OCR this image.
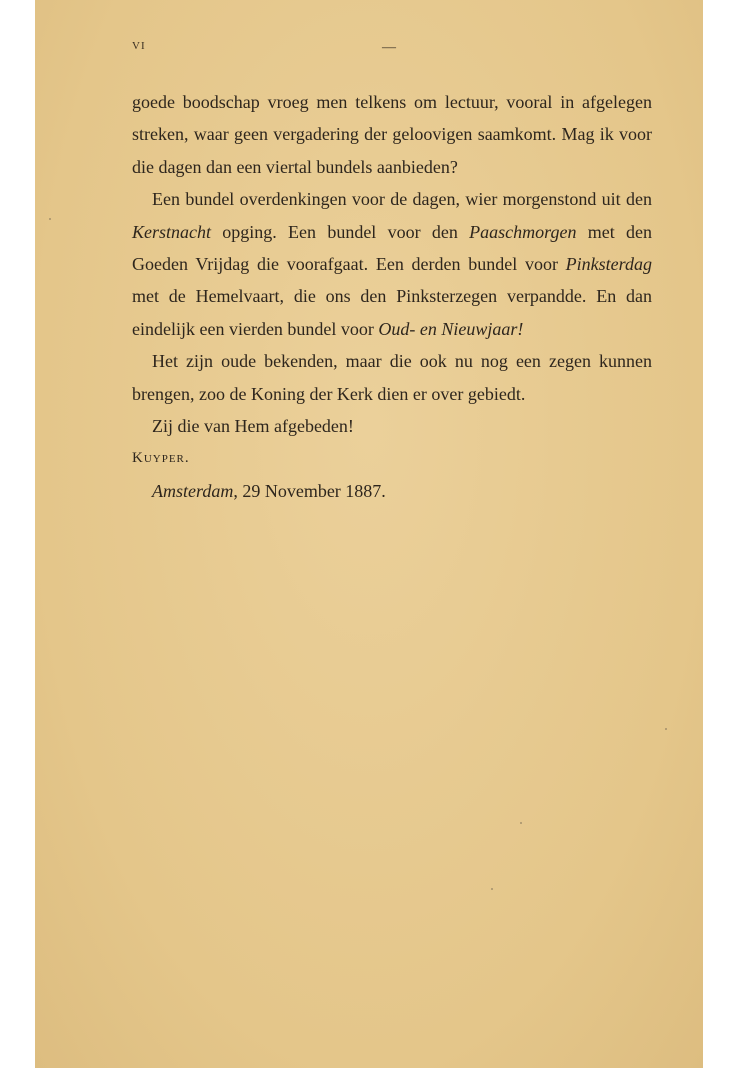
VI	—

goede boodschap vroeg men telkens om lectuur, vooral in afgelegen streken, waar geen vergadering der geloovigen saamkomt. Mag ik voor die dagen dan een viertal bundels aanbieden?

Een bundel overdenkingen voor de dagen, wier morgenstond uit den Kerstnacht opging. Een bundel voor den Paaschmorgen met den Goeden Vrijdag die voorafgaat. Een derden bundel voor Pinksterdag met de Hemelvaart, die ons den Pinksterzegen verpandde. En dan eindelijk een vierden bundel voor Oud- en Nieuwjaar!

Het zijn oude bekenden, maar die ook nu nog een zegen kunnen brengen, zoo de Koning der Kerk dien er over gebiedt.

Zij die van Hem afgebeden!

Kuyper.

Amsterdam, 29 November 1887.
